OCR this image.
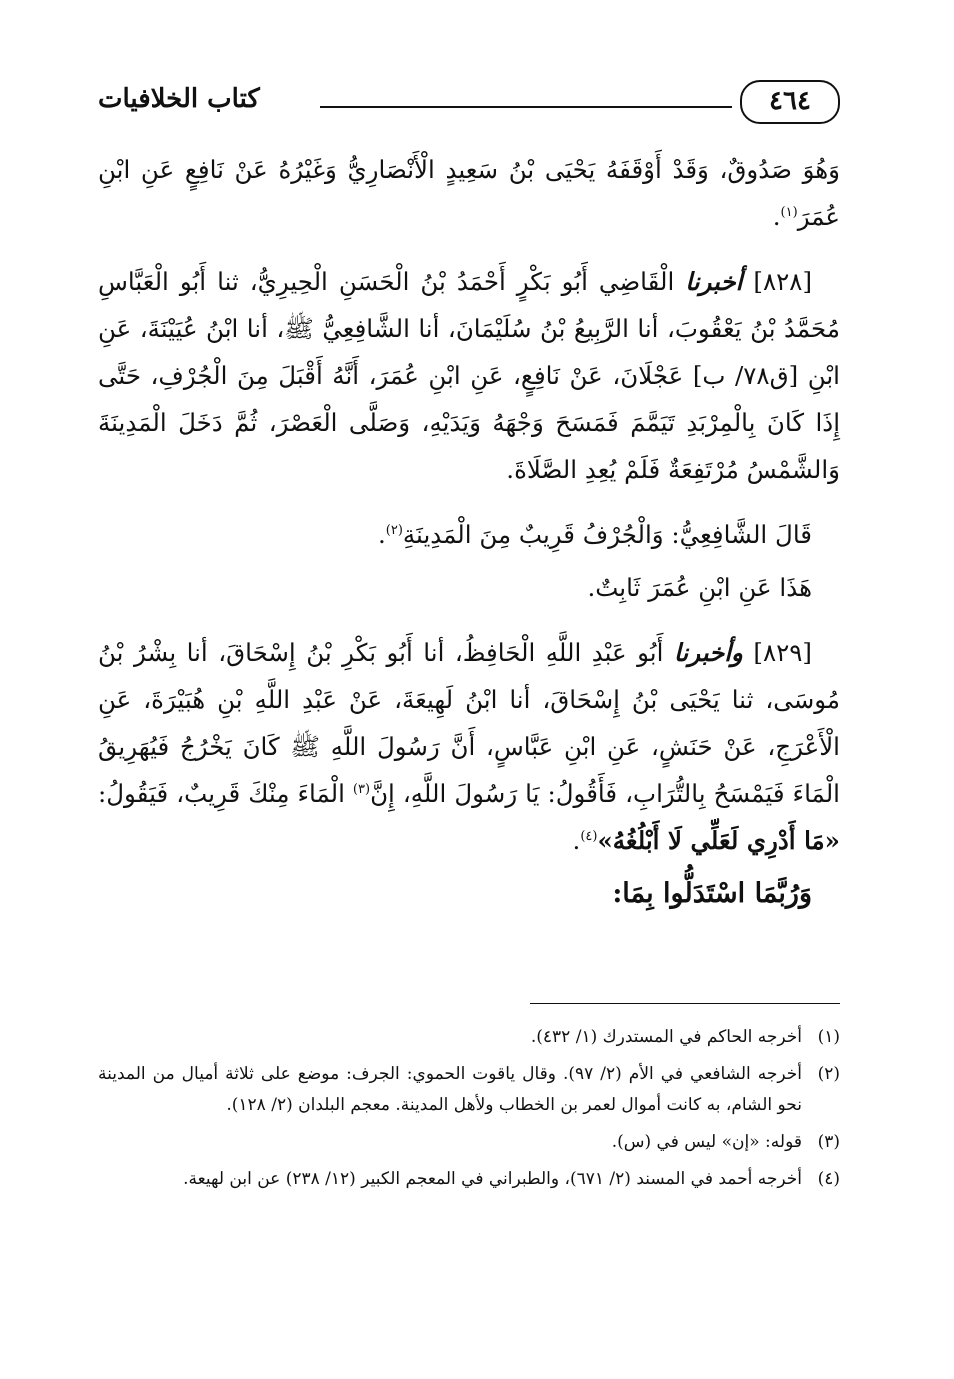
كتاب الخلافيات	٤٦٤

وَهُوَ صَدُوقٌ، وَقَدْ أَوْقَفَهُ يَحْيَى بْنُ سَعِيدٍ الْأَنْصَارِيُّ وَغَيْرُهُ عَنْ نَافِعٍ عَنِ ابْنِ عُمَرَ$^{(١)}$.

[٨٢٨] أخبرنا الْقَاضِي أَبُو بَكْرٍ أَحْمَدُ بْنُ الْحَسَنِ الْحِيرِيُّ، ثنا أَبُو الْعَبَّاسِ مُحَمَّدُ بْنُ يَعْقُوبَ، أنا الرَّبِيعُ بْنُ سُلَيْمَانَ، أنا الشَّافِعِيُّ ﷺ، أنا ابْنُ عُيَيْنَةَ، عَنِ ابْنِ [ق٧٨/ ب] عَجْلَانَ، عَنْ نَافِعٍ، عَنِ ابْنِ عُمَرَ، أَنَّهُ أَقْبَلَ مِنَ الْجُرْفِ، حَتَّى إِذَا كَانَ بِالْمِرْبَدِ تَيَمَّمَ فَمَسَحَ وَجْهَهُ وَيَدَيْهِ، وَصَلَّى الْعَصْرَ، ثُمَّ دَخَلَ الْمَدِينَةَ وَالشَّمْسُ مُرْتَفِعَةٌ فَلَمْ يُعِدِ الصَّلَاةَ.

قَالَ الشَّافِعِيُّ: وَالْجُرْفُ قَرِيبٌ مِنَ الْمَدِينَةِ$^{(٢)}$.

هَذَا عَنِ ابْنِ عُمَرَ ثَابِتٌ.

[٨٢٩] وأخبرنا أَبُو عَبْدِ اللَّهِ الْحَافِظُ، أنا أَبُو بَكْرِ بْنُ إِسْحَاقَ، أنا بِشْرُ بْنُ مُوسَى، ثنا يَحْيَى بْنُ إِسْحَاقَ، أنا ابْنُ لَهِيعَةَ، عَنْ عَبْدِ اللَّهِ بْنِ هُبَيْرَةَ، عَنِ الْأَعْرَجِ، عَنْ حَنَشٍ، عَنِ ابْنِ عَبَّاسٍ، أَنَّ رَسُولَ اللَّهِ ﷺ كَانَ يَخْرُجُ فَيُهَرِيقُ الْمَاءَ فَيَمْسَحُ بِالتُّرَابِ، فَأَقُولُ: يَا رَسُولَ اللَّهِ، إِنَّ$^{(٣)}$ الْمَاءَ مِنْكَ قَرِيبٌ، فَيَقُولُ: «مَا أَدْرِي لَعَلِّي لَا أَبْلُغُهُ»$^{(٤)}$.

وَرُبَّمَا اسْتَدَلُّوا بِمَا:

(١)
أخرجه الحاكم في المستدرك (١/ ٤٣٢).
(٢)
أخرجه الشافعي في الأم (٢/ ٩٧). وقال ياقوت الحموي: الجرف: موضع على ثلاثة أميال من المدينة نحو الشام، به كانت أموال لعمر بن الخطاب ولأهل المدينة. معجم البلدان (٢/ ١٢٨).
(٣)
قوله: «إن» ليس في (س).
(٤)
أخرجه أحمد في المسند (٢/ ٦٧١)، والطبراني في المعجم الكبير (١٢/ ٢٣٨) عن ابن لهيعة.
